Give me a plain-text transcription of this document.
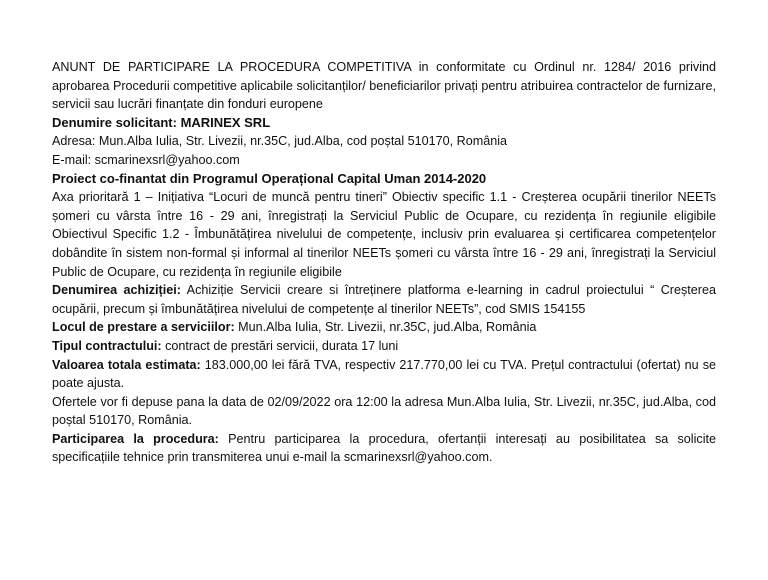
ANUNT DE PARTICIPARE LA PROCEDURA COMPETITIVA in conformitate cu Ordinul nr. 1284/ 2016 privind aprobarea Procedurii competitive aplicabile solicitanților/ beneficiarilor privați pentru atribuirea contractelor de furnizare, servicii sau lucrări finanțate din fonduri europene

Denumire solicitant: MARINEX SRL

Adresa: Mun.Alba Iulia, Str. Livezii, nr.35C, jud.Alba, cod poștal 510170, România

E-mail: scmarinexsrl@yahoo.com

Proiect co-finantat din Programul Operațional Capital Uman 2014-2020

Axa prioritară 1 – Inițiativa “Locuri de muncă pentru tineri” Obiectiv specific 1.1 - Creșterea ocupării tinerilor NEETs șomeri cu vârsta între 16 - 29 ani, înregistrați la Serviciul Public de Ocupare, cu rezidența în regiunile eligibile Obiectivul Specific 1.2 - Îmbunătățirea nivelului de competențe, inclusiv prin evaluarea și certificarea competențelor dobândite în sistem non-formal și informal al tinerilor NEETs șomeri cu vârsta între 16 - 29 ani, înregistrați la Serviciul Public de Ocupare, cu rezidența în regiunile eligibile

Denumirea achiziției: Achiziție Servicii creare si întreținere platforma e-learning in cadrul proiectului “ Creșterea ocupării, precum și îmbunătățirea nivelului de competențe al tinerilor NEETs”, cod SMIS 154155

Locul de prestare a serviciilor: Mun.Alba Iulia, Str. Livezii, nr.35C, jud.Alba, România

Tipul contractului: contract de prestări servicii, durata 17 luni

Valoarea totala estimata: 183.000,00 lei fără TVA, respectiv 217.770,00 lei cu TVA. Prețul contractului (ofertat) nu se poate ajusta.

Ofertele vor fi depuse pana la data de 02/09/2022 ora 12:00 la adresa Mun.Alba Iulia, Str. Livezii, nr.35C, jud.Alba, cod poștal 510170, România.

Participarea la procedura: Pentru participarea la procedura, ofertanții interesați au posibilitatea sa solicite specificațiile tehnice prin transmiterea unui e-mail la scmarinexsrl@yahoo.com.
